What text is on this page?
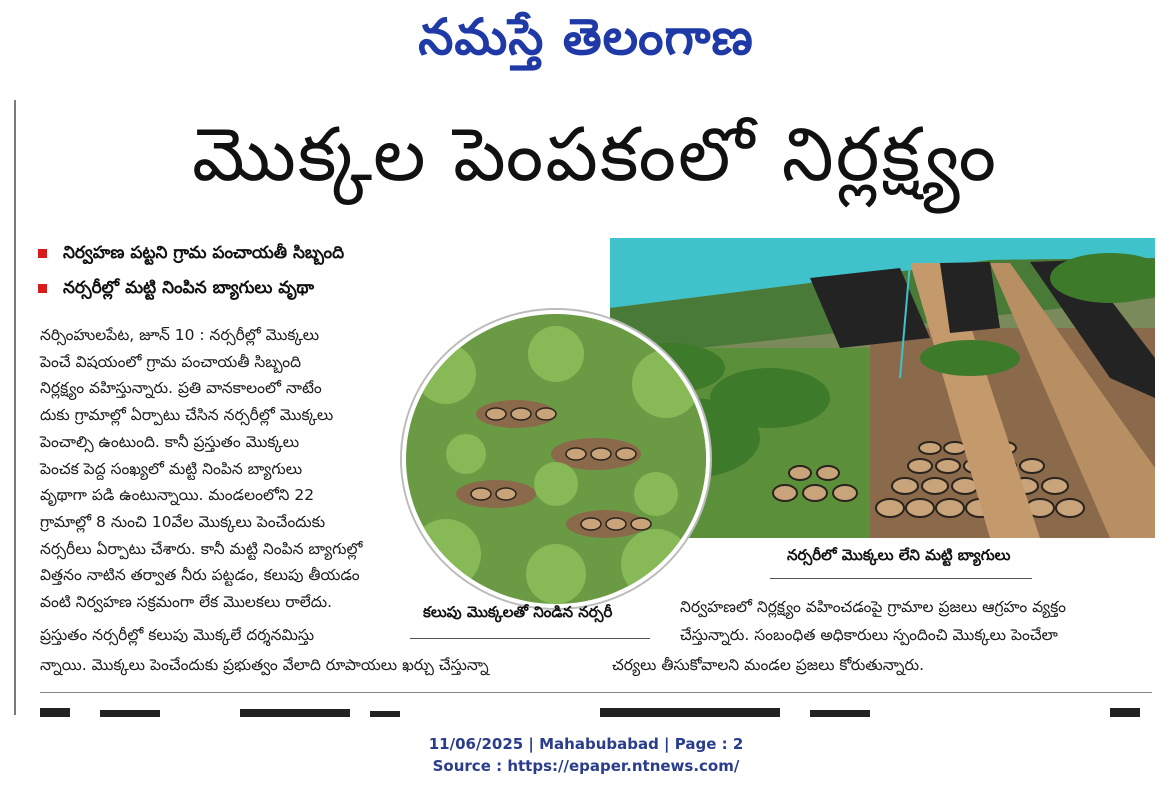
నమస్తే తెలంగాణ
మొక్కల పెంపకంలో నిర్లక్ష్యం
నిర్వహణ పట్టని గ్రామ పంచాయతీ సిబ్బంది
నర్సరీల్లో మట్టి నింపిన బ్యాగులు వృథా
నర్సరీలో మొక్కలు లేని మట్టి బ్యాగులు
కలుపు మొక్కలతో నిండిన నర్సరీ

నర్సింహులపేట, జూన్ 10 : నర్సరీల్లో మొక్కలు

పెంచే విషయంలో గ్రామ పంచాయతీ సిబ్బంది

నిర్లక్ష్యం వహిస్తున్నారు. ప్రతి వానకాలంలో నాటేం

దుకు గ్రామాల్లో ఏర్పాటు చేసిన నర్సరీల్లో మొక్కలు

పెంచాల్సి ఉంటుంది. కానీ ప్రస్తుతం మొక్కలు

పెంచక పెద్ద సంఖ్యలో మట్టి నింపిన బ్యాగులు

వృథాగా పడి ఉంటున్నాయి. మండలంలోని 22

గ్రామాల్లో 8 నుంచి 10వేల మొక్కలు పెంచేందుకు

నర్సరీలు ఏర్పాటు చేశారు. కానీ మట్టి నింపిన బ్యాగుల్లో

విత్తనం నాటిన తర్వాత నీరు పట్టడం, కలుపు తీయడం

వంటి నిర్వహణ సక్రమంగా లేక మొలకలు రాలేదు.

ప్రస్తుతం నర్సరీల్లో కలుపు మొక్కలే దర్శనమిస్తు
న్నాయి. మొక్కలు పెంచేందుకు ప్రభుత్వం వేలాది రూపాయలు ఖర్చు చేస్తున్నా
నిర్వహణలో నిర్లక్ష్యం వహించడంపై గ్రామాల ప్రజలు ఆగ్రహం వ్యక్తం
చేస్తున్నారు. సంబంధిత అధికారులు స్పందించి మొక్కలు పెంచేలా
చర్యలు తీసుకోవాలని మండల ప్రజలు కోరుతున్నారు.
11/06/2025 | Mahabubabad | Page : 2
Source : https://epaper.ntnews.com/
